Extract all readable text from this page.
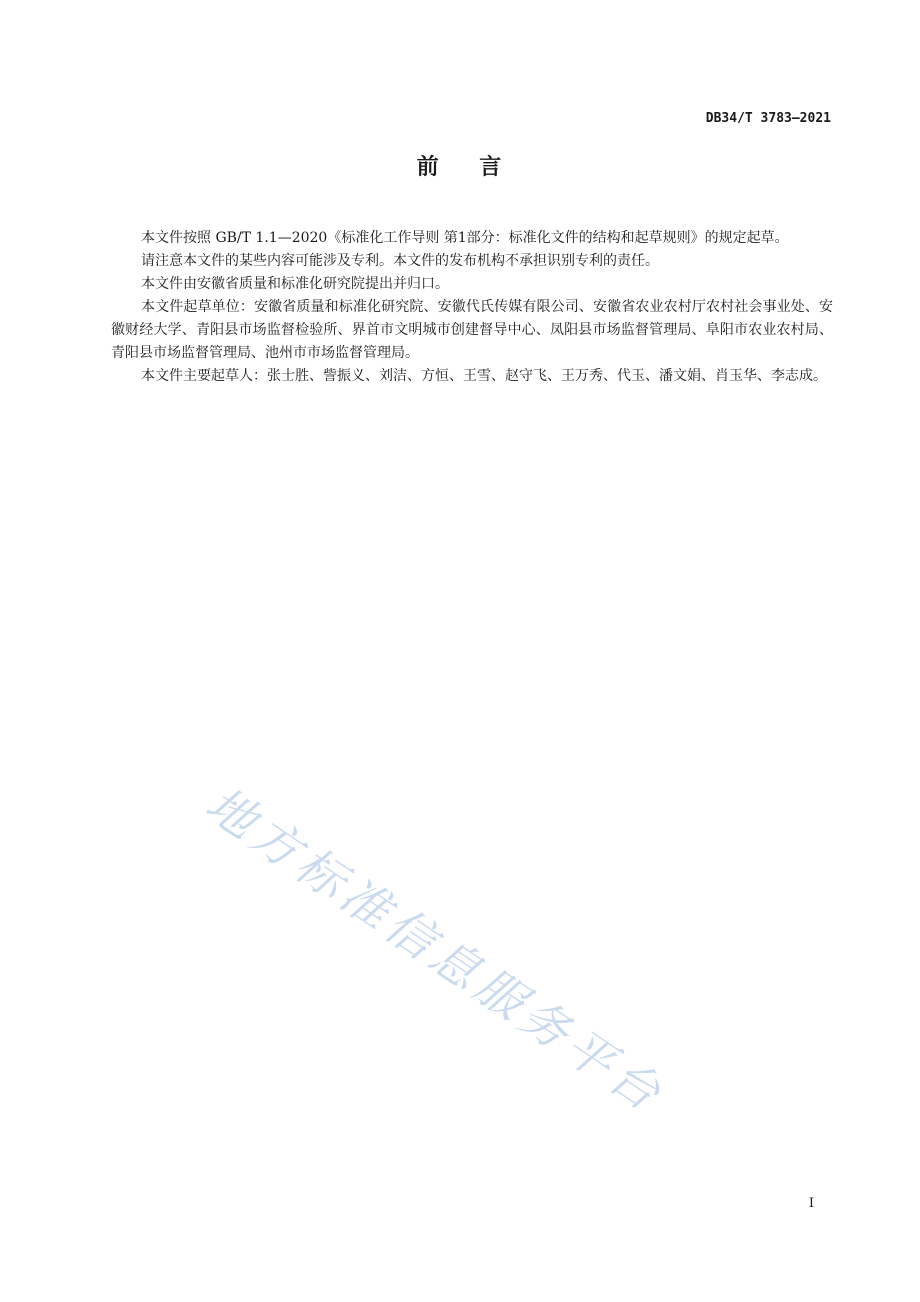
DB34/T 3783—2021
前    言

本文件按照 GB/T 1.1—2020《标准化工作导则 第1部分：标准化文件的结构和起草规则》的规定起草。

请注意本文件的某些内容可能涉及专利。本文件的发布机构不承担识别专利的责任。

本文件由安徽省质量和标准化研究院提出并归口。

本文件起草单位：安徽省质量和标准化研究院、安徽代氏传媒有限公司、安徽省农业农村厅农村社会事业处、安徽财经大学、青阳县市场监督检验所、界首市文明城市创建督导中心、凤阳县市场监督管理局、阜阳市农业农村局、青阳县市场监督管理局、池州市市场监督管理局。

本文件主要起草人：张士胜、訾振义、刘洁、方恒、王雪、赵守飞、王万秀、代玉、潘文娟、肖玉华、李志成。

地方标准信息服务平台
I
